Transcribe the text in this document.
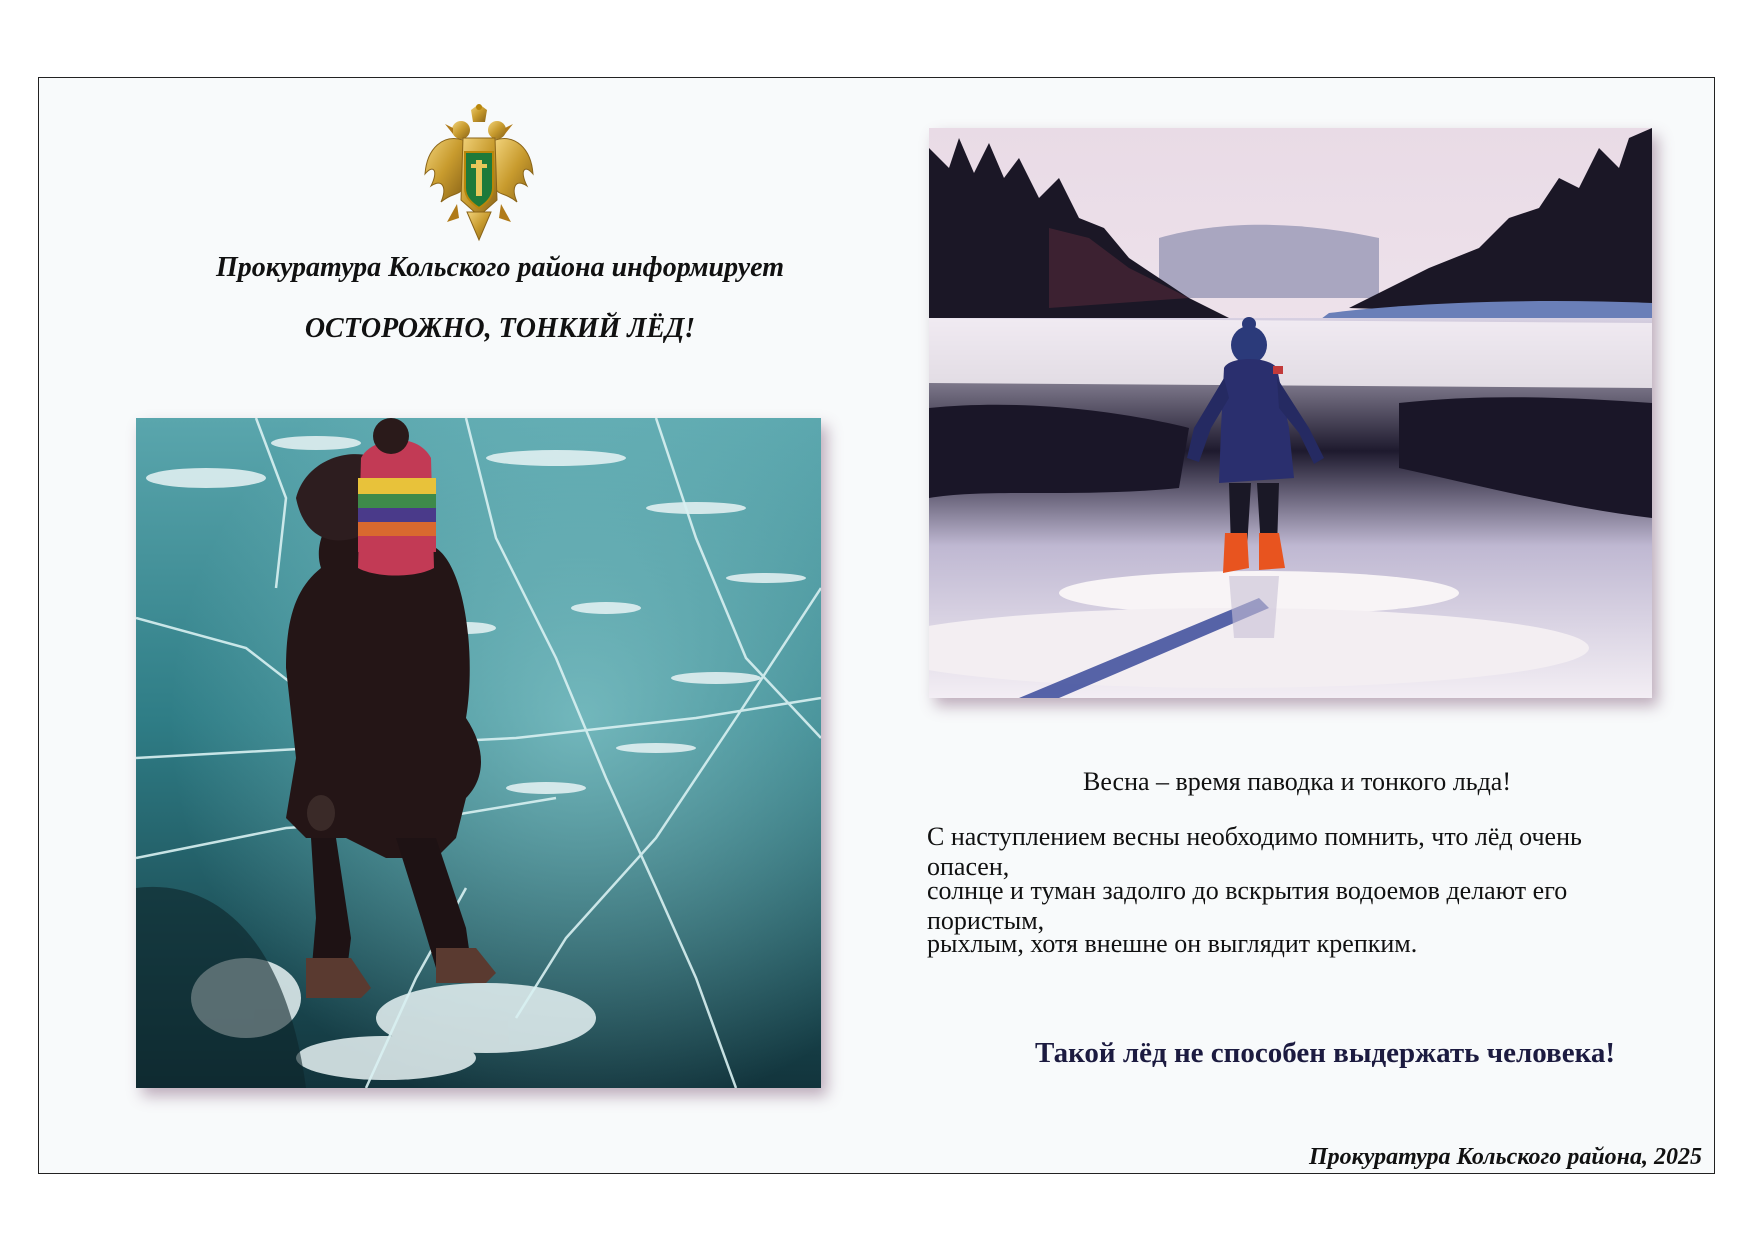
Прокуратура Кольского района информирует
ОСТОРОЖНО, ТОНКИЙ ЛЁД!
Весна – время паводка и тонкого льда!
С наступлением весны необходимо помнить, что лёд очень опасен,
солнце и туман задолго до вскрытия водоемов делают его пористым,
рыхлым, хотя внешне он выглядит крепким.
Такой лёд не способен выдержать человека!
Прокуратура Кольского района, 2025
